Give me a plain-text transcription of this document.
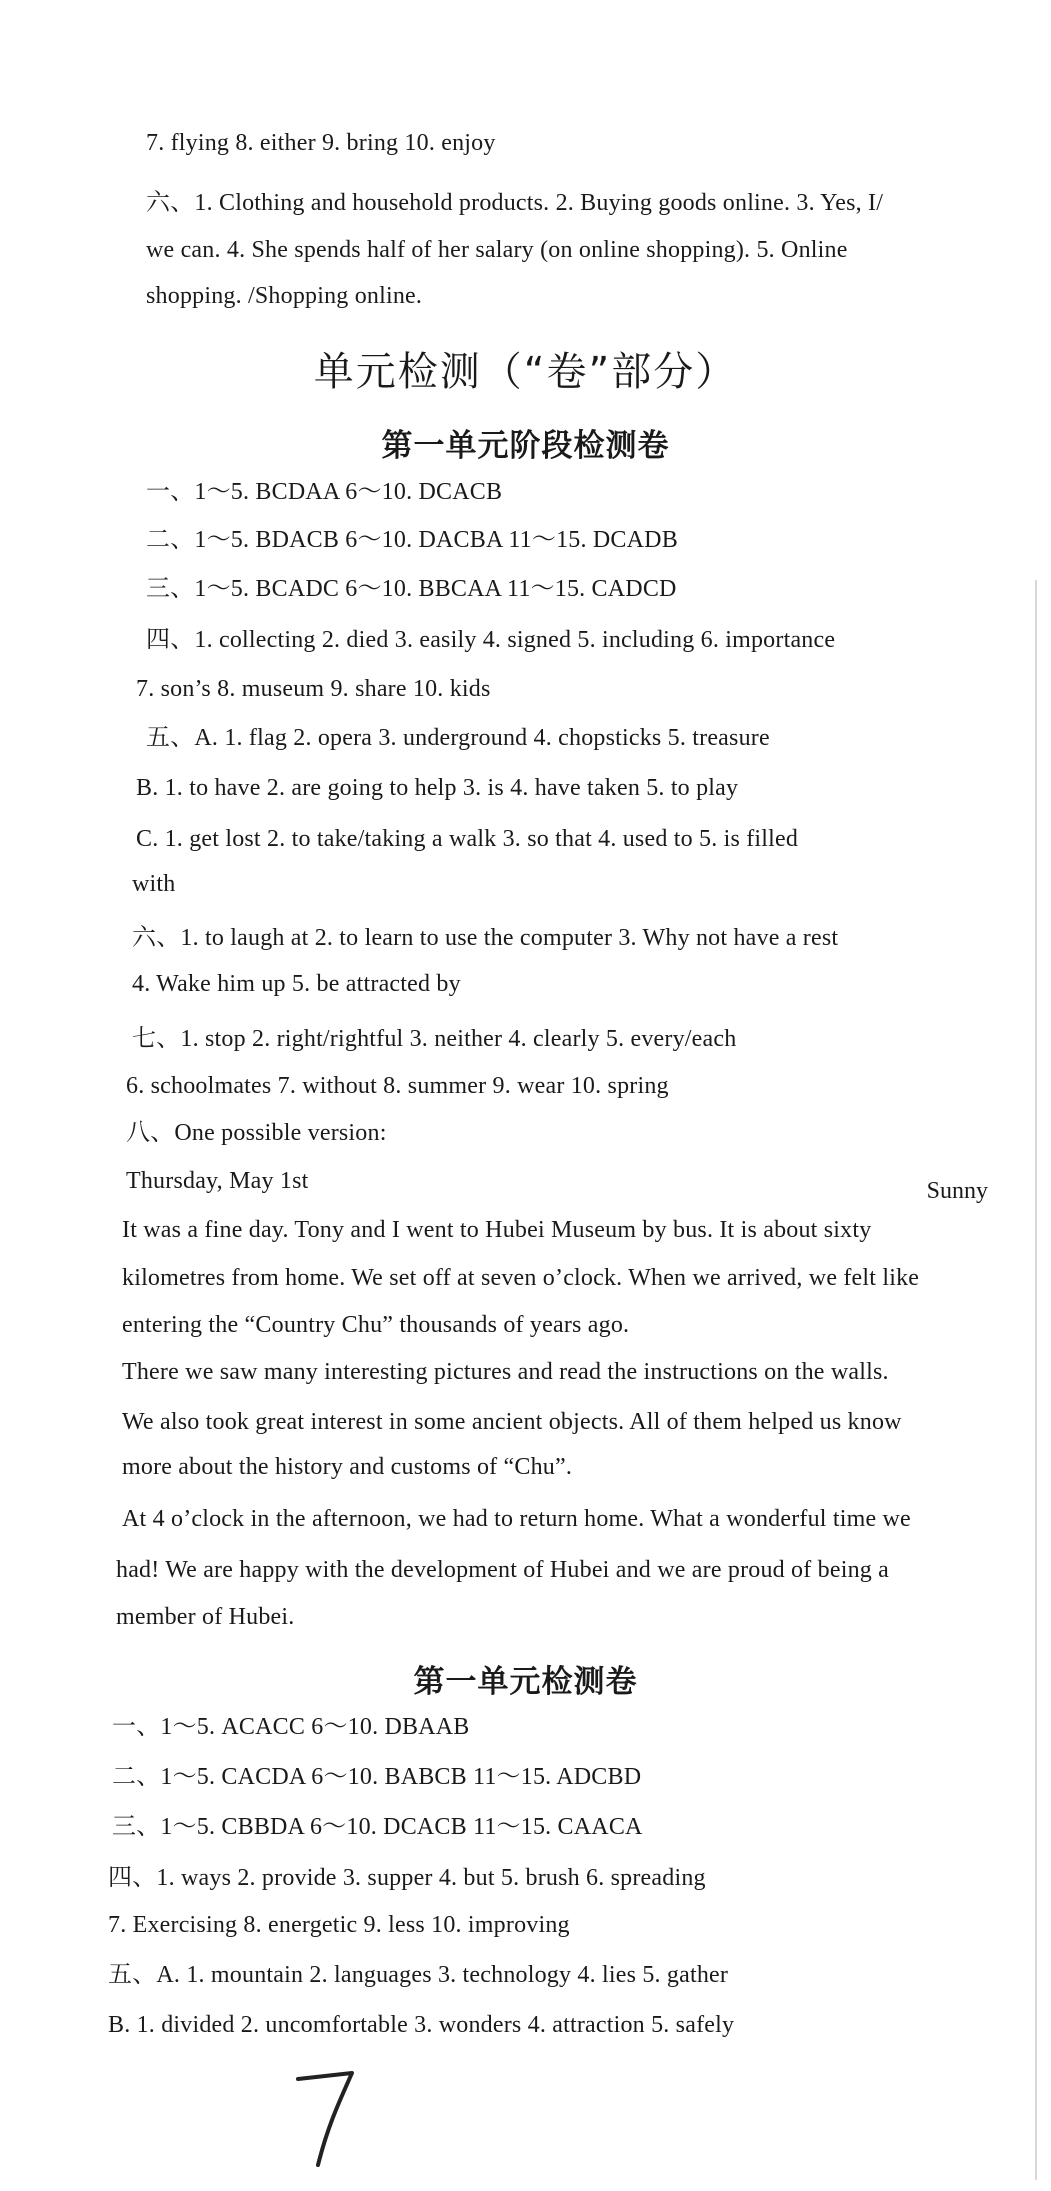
7. flying 8. either 9. bring 10. enjoy
六、1. Clothing and household products. 2. Buying goods online. 3. Yes, I/
we can. 4. She spends half of her salary (on online shopping). 5. Online
shopping. /Shopping online.
单元检测（“卷”部分）
第一单元阶段检测卷
一、1～5. BCDAA 6～10. DCACB
二、1～5. BDACB 6～10. DACBA 11～15. DCADB
三、1～5. BCADC 6～10. BBCAA 11～15. CADCD
四、1. collecting 2. died 3. easily 4. signed 5. including 6. importance
7. son’s 8. museum 9. share 10. kids
五、A. 1. flag 2. opera 3. underground 4. chopsticks 5. treasure
B. 1. to have 2. are going to help 3. is 4. have taken 5. to play
C. 1. get lost 2. to take/taking a walk 3. so that 4. used to 5. is filled
with
六、1. to laugh at 2. to learn to use the computer 3. Why not have a rest
4. Wake him up 5. be attracted by
七、1. stop 2. right/rightful 3. neither 4. clearly 5. every/each
6. schoolmates 7. without 8. summer 9. wear 10. spring
八、One possible version:
Thursday, May 1st	Sunny
It was a fine day. Tony and I went to Hubei Museum by bus. It is about sixty
kilometres from home. We set off at seven o’clock. When we arrived, we felt like
entering the “Country Chu” thousands of years ago.
There we saw many interesting pictures and read the instructions on the walls.
We also took great interest in some ancient objects. All of them helped us know
more about the history and customs of “Chu”.
At 4 o’clock in the afternoon, we had to return home. What a wonderful time we
had! We are happy with the development of Hubei and we are proud of being a
member of Hubei.
第一单元检测卷
一、1～5. ACACC 6～10. DBAAB
二、1～5. CACDA 6～10. BABCB 11～15. ADCBD
三、1～5. CBBDA 6～10. DCACB 11～15. CAACA
四、1. ways 2. provide 3. supper 4. but 5. brush 6. spreading
7. Exercising 8. energetic 9. less 10. improving
五、A. 1. mountain 2. languages 3. technology 4. lies 5. gather
B. 1. divided 2. uncomfortable 3. wonders 4. attraction 5. safely
